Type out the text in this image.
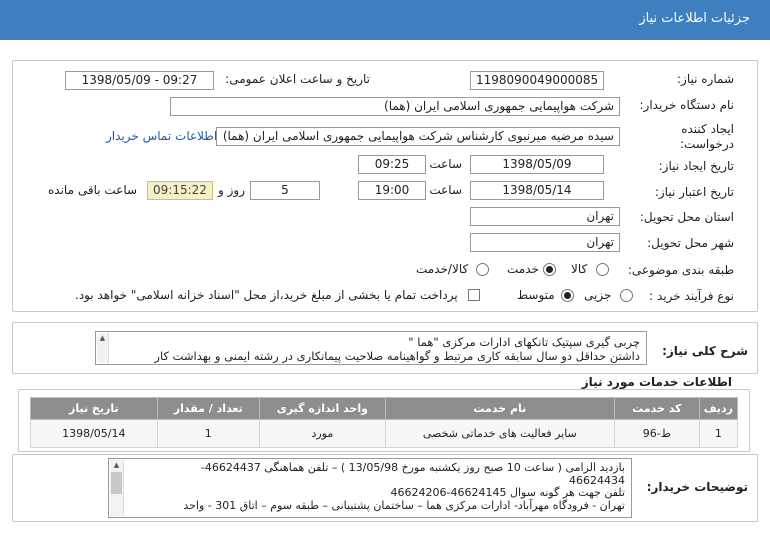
جزئیات اطلاعات نیاز
شماره نیاز:
1198090049000085
تاریخ و ساعت اعلان عمومی:
1398/05/09 - 09:27
نام دستگاه خریدار:
شرکت هواپیمایی جمهوری اسلامی ایران (هما)
ایجاد کننده
درخواست:
سیده مرضیه میرنبوی کارشناس شرکت هواپیمایی جمهوری اسلامی ایران (هما)
اطلاعات تماس خریدار
تاریخ ایجاد نیاز:
1398/05/09
ساعت
09:25
تاریخ اعتبار نیاز:
1398/05/14
ساعت
19:00
5
روز و
09:15:22
ساعت باقی مانده
استان محل تحویل:
تهران
شهر محل تحویل:
تهران
طبقه بندی موضوعی:
کالا
خدمت
کالا/خدمت
نوع فرآیند خرید :
جزیی
متوسط
پرداخت تمام یا بخشی از مبلغ خرید،از محل "اسناد خزانه اسلامی" خواهد بود.
شرح کلی نیاز:
▲	چربی گیری سپتیک تانکهای ادارات مرکزی "هما "
داشتن حداقل دو سال سابقه کاری مرتبط و گواهینامه صلاحیت پیمانکاری در رشته ایمنی و بهداشت کار
اطلاعات خدمات مورد نیاز
ردیف	کد خدمت	نام خدمت	واحد اندازه گیری	تعداد / مقدار	تاریخ نیاز
1	ط-96	سایر فعالیت های خدماتی شخصی	مورد	1	1398/05/14
توضیحات خریدار:
▲	بازدید الزامی ( ساعت 10 صبح روز یکشنبه مورخ 13/05/98 ) – تلفن هماهنگی 46624437-
46624434
تلفن جهت هر گونه سوال 46624145-46624206
تهران - فرودگاه مهرآباد- ادارات مرکزی هما – ساختمان پشتیبانی – طبقه سوم – اتاق 301 - واحد
